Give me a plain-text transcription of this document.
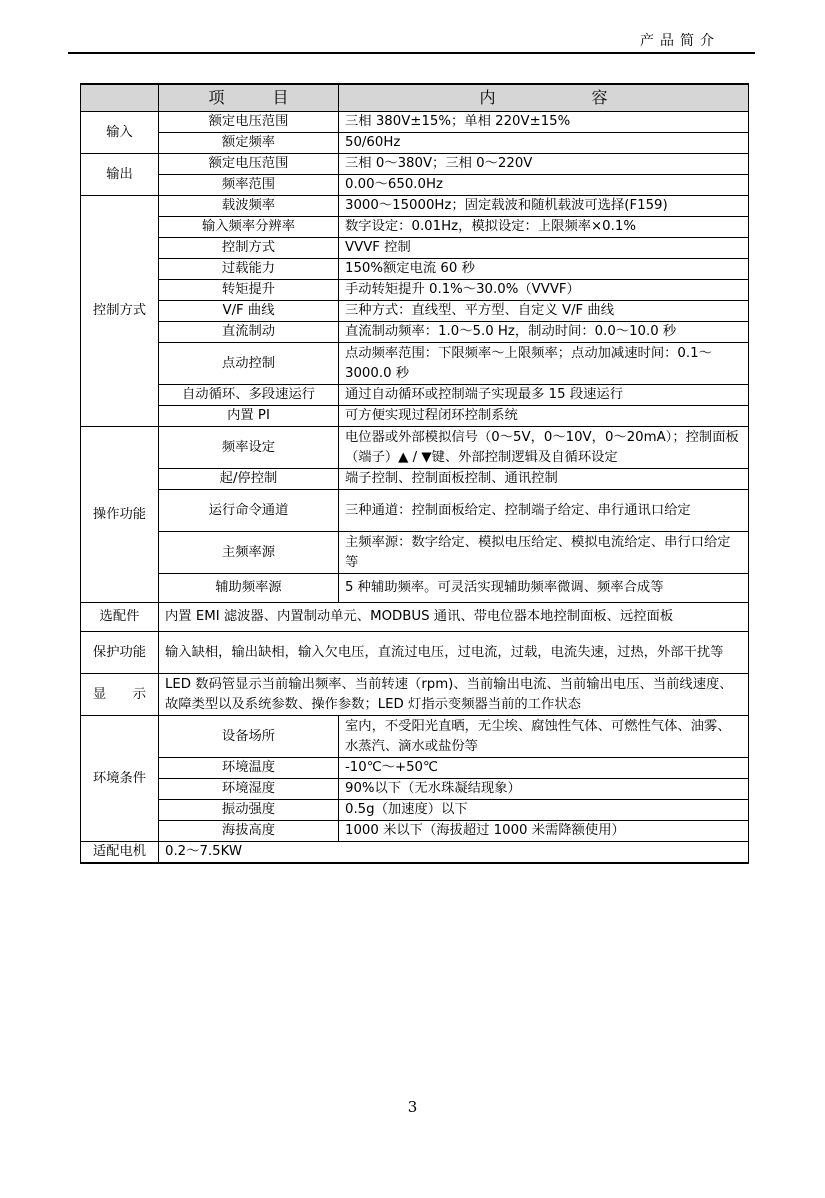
产品简介
	项　　　目	内　　　　　　容
输入	额定电压范围	三相 380V±15%；单相 220V±15%
	额定频率	50/60Hz
输出	额定电压范围	三相 0～380V；三相 0～220V
	频率范围	0.00～650.0Hz
控制方式	载波频率	3000～15000Hz；固定载波和随机载波可选择(F159)
	输入频率分辨率	数字设定：0.01Hz，模拟设定：上限频率×0.1%
	控制方式	VVVF 控制
	过载能力	150%额定电流 60 秒
	转矩提升	手动转矩提升 0.1%～30.0%（VVVF）
	V/F 曲线	三种方式：直线型、平方型、自定义 V/F 曲线
	直流制动	直流制动频率：1.0～5.0 Hz，制动时间：0.0～10.0 秒
	点动控制	点动频率范围：下限频率～上限频率；点动加减速时间：0.1～3000.0 秒
	自动循环、多段速运行	通过自动循环或控制端子实现最多 15 段速运行
	内置 PI	可方便实现过程闭环控制系统
操作功能	频率设定	电位器或外部模拟信号（0～5V，0～10V，0～20mA）；控制面板（端子）▲ / ▼键、外部控制逻辑及自循环设定
	起/停控制	端子控制、控制面板控制、通讯控制
	运行命令通道	三种通道：控制面板给定、控制端子给定、串行通讯口给定
	主频率源	主频率源：数字给定、模拟电压给定、模拟电流给定、串行口给定等
	辅助频率源	5 种辅助频率。可灵活实现辅助频率微调、频率合成等
选配件	内置 EMI 滤波器、内置制动单元、MODBUS 通讯、带电位器本地控制面板、远控面板	
保护功能	输入缺相，输出缺相，输入欠电压，直流过电压，过电流，过载，电流失速，过热，外部干扰等	
显　　示	LED 数码管显示当前输出频率、当前转速（rpm)、当前输出电流、当前输出电压、当前线速度、故障类型以及系统参数、操作参数；LED 灯指示变频器当前的工作状态	
环境条件	设备场所	室内，不受阳光直晒，无尘埃、腐蚀性气体、可燃性气体、油雾、水蒸汽、滴水或盐份等
	环境温度	-10℃～+50℃
	环境湿度	90%以下（无水珠凝结现象）
	振动强度	0.5g（加速度）以下
	海拔高度	1000 米以下（海拔超过 1000 米需降额使用）
适配电机	0.2～7.5KW	
3
